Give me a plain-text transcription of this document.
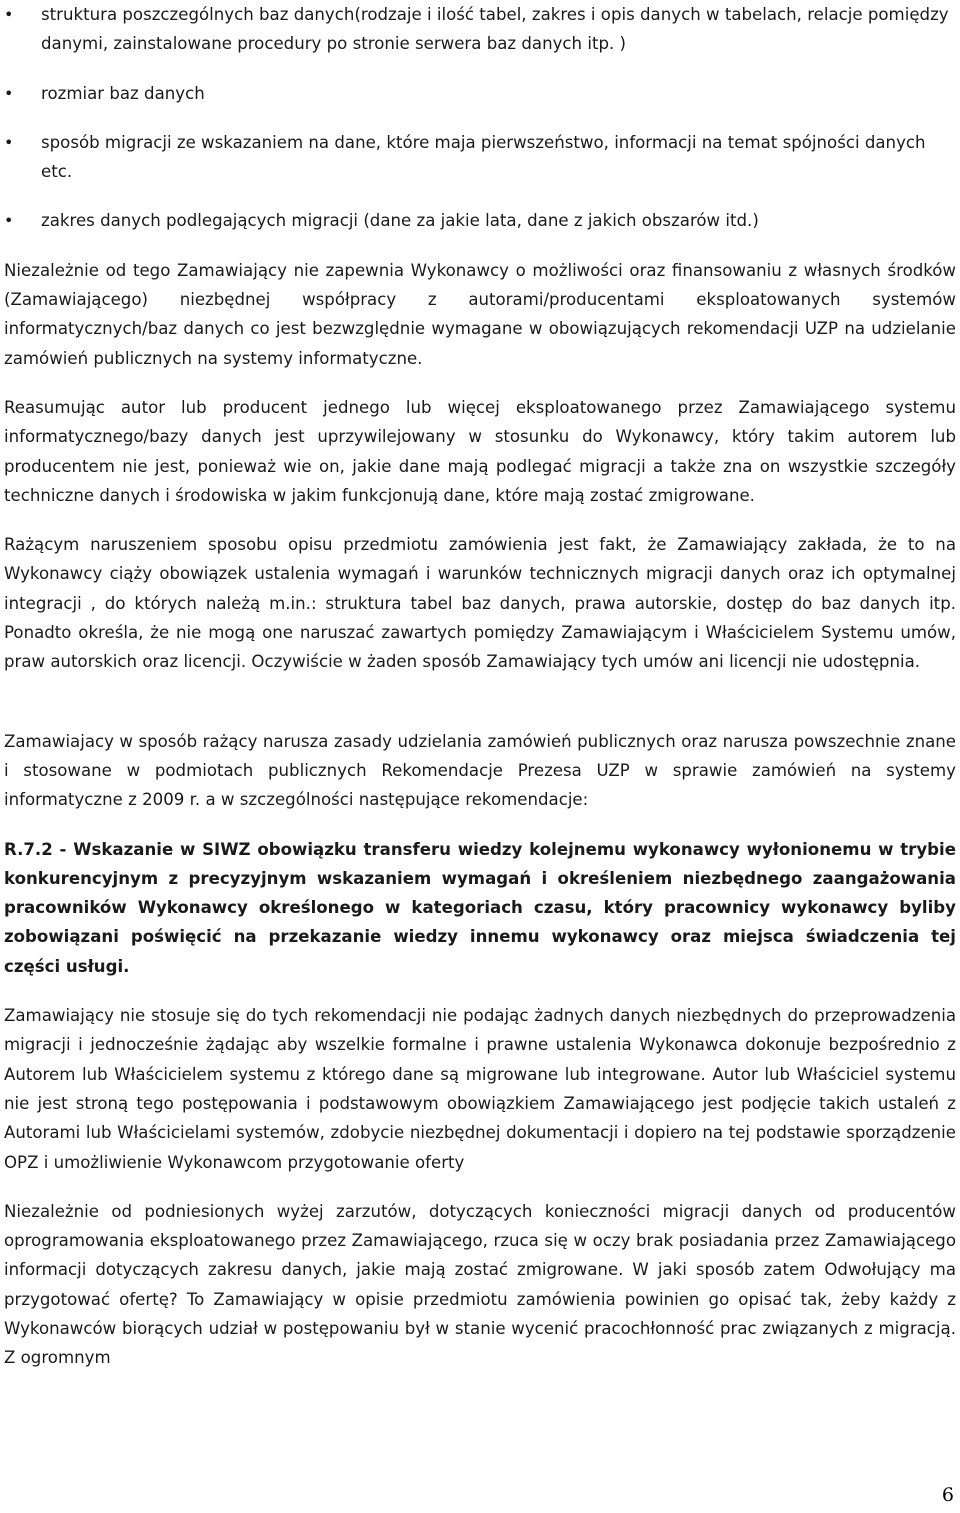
• struktura poszczególnych baz danych(rodzaje i ilość tabel, zakres i opis danych w tabelach, relacje pomiędzy danymi, zainstalowane procedury po stronie serwera baz danych itp. )
• rozmiar baz danych
• sposób migracji ze wskazaniem na dane, które maja pierwszeństwo, informacji na temat spójności danych etc.
• zakres danych podlegających migracji (dane za jakie lata, dane z jakich obszarów itd.)

Niezależnie od tego Zamawiający nie zapewnia Wykonawcy o możliwości oraz finansowaniu z własnych środków (Zamawiającego) niezbędnej współpracy z autorami/producentami eksploatowanych systemów informatycznych/baz danych co jest bezwzględnie wymagane w obowiązujących rekomendacji UZP na udzielanie zamówień publicznych na systemy informatyczne.

Reasumując autor lub producent jednego lub więcej eksploatowanego przez Zamawiającego systemu informatycznego/bazy danych jest uprzywilejowany w stosunku do Wykonawcy, który takim autorem lub producentem nie jest, ponieważ wie on, jakie dane mają podlegać migracji a także zna on wszystkie szczegóły techniczne danych i środowiska w jakim funkcjonują dane, które mają zostać zmigrowane.

Rażącym naruszeniem sposobu opisu przedmiotu zamówienia jest fakt, że Zamawiający zakłada, że to na Wykonawcy ciąży obowiązek ustalenia wymagań i warunków technicznych migracji danych oraz ich optymalnej integracji , do których należą m.in.: struktura tabel baz danych, prawa autorskie, dostęp do baz danych itp. Ponadto określa, że nie mogą one naruszać zawartych pomiędzy Zamawiającym i Właścicielem Systemu umów, praw autorskich oraz licencji. Oczywiście w żaden sposób Zamawiający tych umów ani licencji nie udostępnia.

Zamawiajacy w sposób rażący narusza zasady udzielania zamówień publicznych oraz narusza powszechnie znane i stosowane w podmiotach publicznych Rekomendacje Prezesa UZP w sprawie zamówień na systemy informatyczne z 2009 r. a w szczególności następujące rekomendacje:

R.7.2 - Wskazanie w SIWZ obowiązku transferu wiedzy kolejnemu wykonawcy wyłonionemu w trybie konkurencyjnym z precyzyjnym wskazaniem wymagań i określeniem niezbędnego zaangażowania pracowników Wykonawcy określonego w kategoriach czasu, który pracownicy wykonawcy byliby zobowiązani poświęcić na przekazanie wiedzy innemu wykonawcy oraz miejsca świadczenia tej części usługi.

Zamawiający nie stosuje się do tych rekomendacji nie podając żadnych danych niezbędnych do przeprowadzenia migracji i jednocześnie żądając aby wszelkie formalne i prawne ustalenia Wykonawca dokonuje bezpośrednio z Autorem lub Właścicielem systemu z którego dane są migrowane lub integrowane. Autor lub Właściciel systemu nie jest stroną tego postępowania i podstawowym obowiązkiem Zamawiającego jest podjęcie takich ustaleń z Autorami lub Właścicielami systemów, zdobycie niezbędnej dokumentacji i dopiero na tej podstawie sporządzenie OPZ i umożliwienie Wykonawcom przygotowanie oferty

Niezależnie od podniesionych wyżej zarzutów, dotyczących konieczności migracji danych od producentów oprogramowania eksploatowanego przez Zamawiającego, rzuca się w oczy brak posiadania przez Zamawiającego informacji dotyczących zakresu danych, jakie mają zostać zmigrowane. W jaki sposób zatem Odwołujący ma przygotować ofertę? To Zamawiający w opisie przedmiotu zamówienia powinien go opisać tak, żeby każdy z Wykonawców biorących udział w postępowaniu był w stanie wycenić pracochłonność prac związanych z migracją. Z ogromnym

6
